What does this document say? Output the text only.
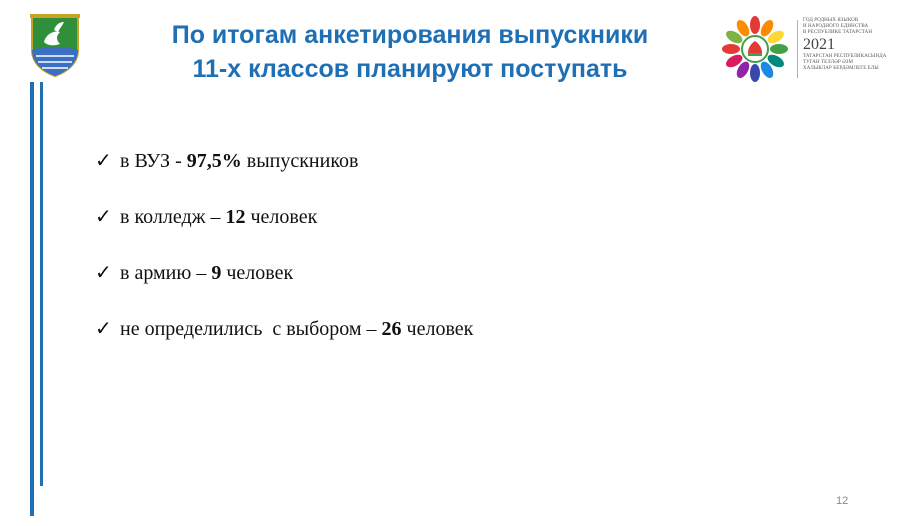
По итогам анкетирования выпускники
11-х классов планируют поступать
ГОД РОДНЫХ ЯЗЫКОВ
И НАРОДНОГО ЕДИНСТВА
В РЕСПУБЛИКЕ ТАТАРСТАН
2021
ТАТАРСТАН РЕСПУБЛИКАСЫНДА
ТУГАН ТЕЛЛӘР ӘЗМ
ХАЛЫКЛАР БЕРДӘМЛЕГЕ ЕЛЫ
✓ в ВУЗ - 97,5% выпускников
✓ в колледж – 12 человек
✓ в армию – 9 человек
✓ не определились  с выбором – 26 человек
12
